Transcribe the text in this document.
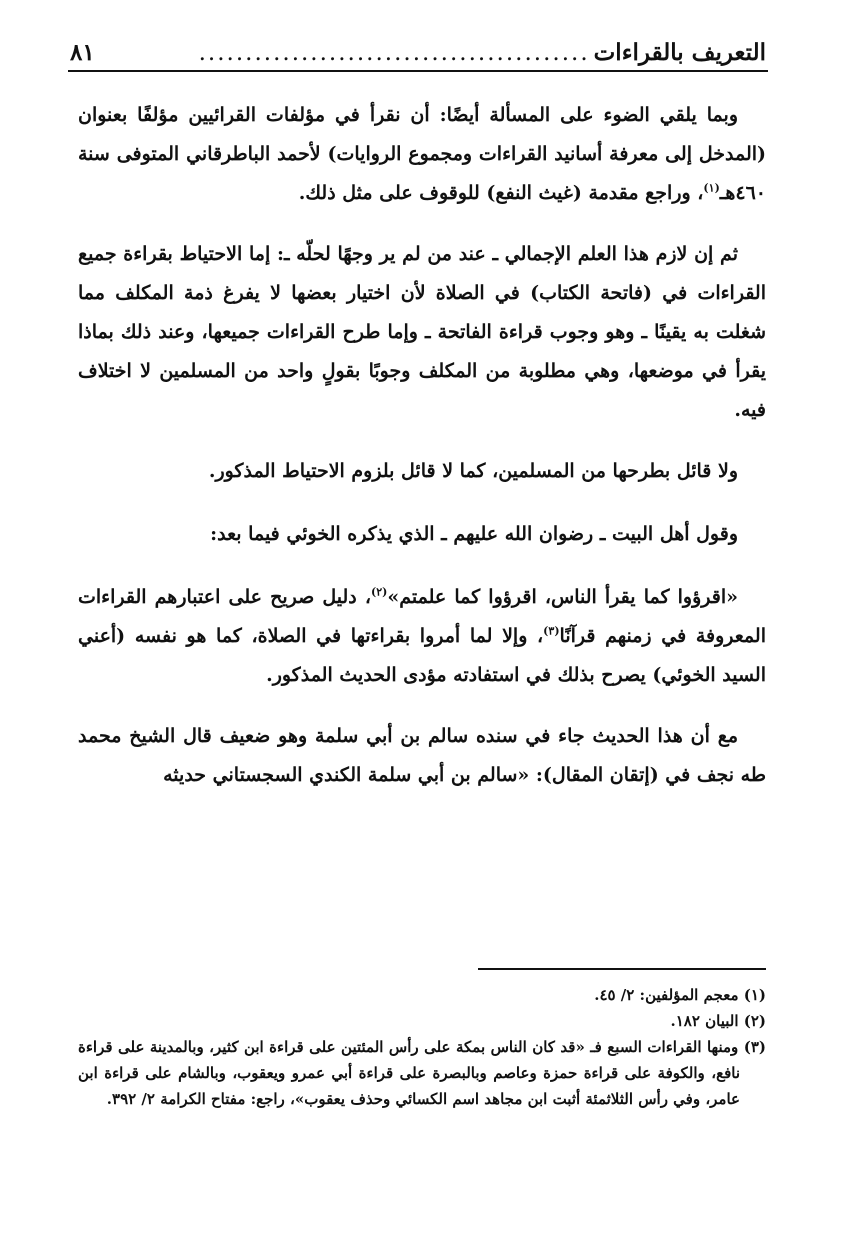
التعريف بالقراءات
..........................................
٨١

وبما يلقي الضوء على المسألة أيضًا: أن نقرأ في مؤلفات القرائيين مؤلفًا بعنوان (المدخل إلى معرفة أسانيد القراءات ومجموع الروايات) لأحمد الباطرقاني المتوفى سنة ٤٦٠هـ$^{(١)}$، وراجع مقدمة (غيث النفع) للوقوف على مثل ذلك.

ثم إن لازم هذا العلم الإجمالي ـ عند من لم ير وجهًا لحلّه ـ: إما الاحتياط بقراءة جميع القراءات في (فاتحة الكتاب) في الصلاة لأن اختيار بعضها لا يفرغ ذمة المكلف مما شغلت به يقينًا ـ وهو وجوب قراءة الفاتحة ـ وإما طرح القراءات جميعها، وعند ذلك بماذا يقرأ في موضعها، وهي مطلوبة من المكلف وجوبًا بقولٍ واحد من المسلمين لا اختلاف فيه.

ولا قائل بطرحها من المسلمين، كما لا قائل بلزوم الاحتياط المذكور.

وقول أهل البيت ـ رضوان الله عليهم ـ الذي يذكره الخوئي فيما بعد:

«اقرؤوا كما يقرأ الناس، اقرؤوا كما علمتم»$^{(٢)}$، دليل صريح على اعتبارهم القراءات المعروفة في زمنهم قرآنًا$^{(٣)}$، وإلا لما أمروا بقراءتها في الصلاة، كما هو نفسه (أعني السيد الخوئي) يصرح بذلك في استفادته مؤدى الحديث المذكور.

مع أن هذا الحديث جاء في سنده سالم بن أبي سلمة وهو ضعيف قال الشيخ محمد طه نجف في (إتقان المقال): «سالم بن أبي سلمة الكندي السجستاني حديثه

(١) معجم المؤلفين: ٢/ ٤٥.

(٢) البيان ١٨٢.

(٣) ومنها القراءات السبع فـ «قد كان الناس بمكة على رأس المئتين على قراءة ابن كثير، وبالمدينة على قراءة نافع، والكوفة على قراءة حمزة وعاصم وبالبصرة على قراءة أبي عمرو ويعقوب، وبالشام على قراءة ابن عامر، وفي رأس الثلاثمئة أثبت ابن مجاهد اسم الكسائي وحذف يعقوب»، راجع: مفتاح الكرامة ٢/ ٣٩٢.
